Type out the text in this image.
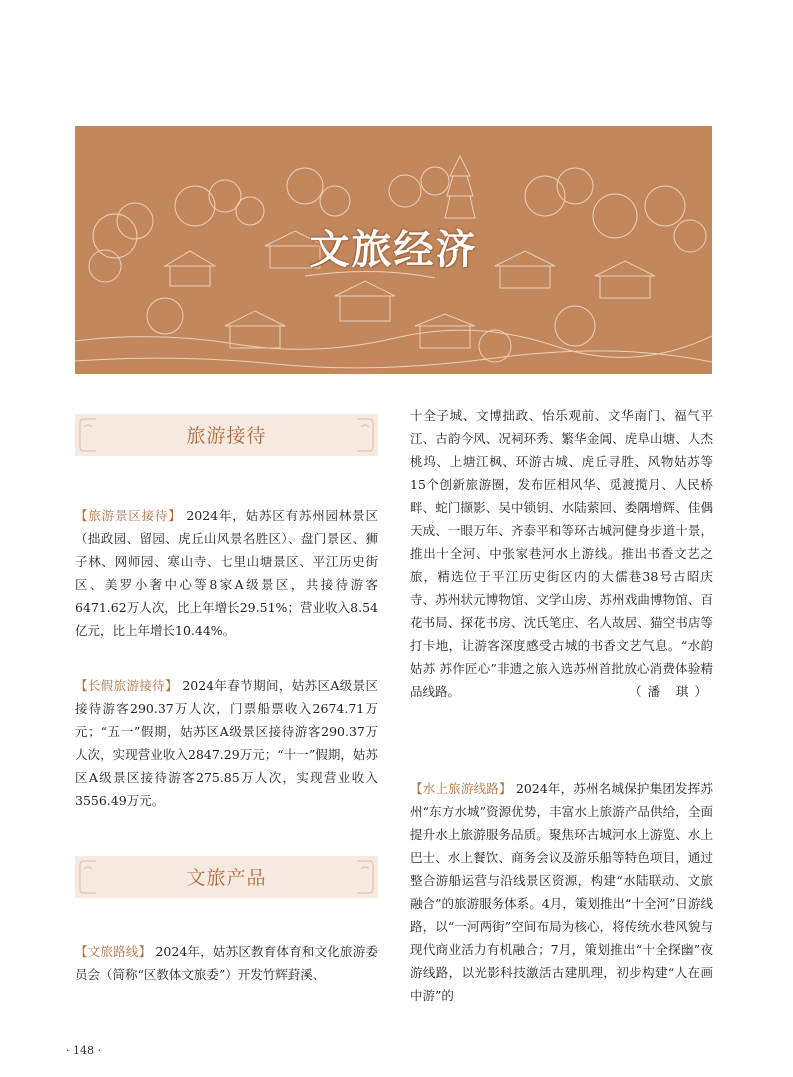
文旅经济
旅游接待

【旅游景区接待】 2024年，姑苏区有苏州园林景区（拙政园、留园、虎丘山风景名胜区）、盘门景区、狮子林、网师园、寒山寺、七里山塘景区、平江历史街区、美罗小奢中心等8家A级景区，共接待游客6471.62万人次，比上年增长29.51%；营业收入8.54亿元，比上年增长10.44%。

【长假旅游接待】 2024年春节期间，姑苏区A级景区接待游客290.37万人次，门票船票收入2674.71万元；“五一”假期，姑苏区A级景区接待游客290.37万人次，实现营业收入2847.29万元；“十一”假期，姑苏区A级景区接待游客275.85万人次，实现营业收入3556.49万元。

文旅产品

【文旅路线】 2024年，姑苏区教育体育和文化旅游委员会（简称“区教体文旅委”）开发竹辉葑溪、

十全子城、文博拙政、怡乐观前、文华南门、福气平江、古韵今风、况祠环秀、繁华金阊、虎阜山塘、人杰桃坞、上塘江枫、环游古城、虎丘寻胜、风物姑苏等15个创新旅游圈，发布匠相风华、觅渡揽月、人民桥畔、蛇门撷影、吴中锁钥、水陆萦回、娄隅增辉、佳偶天成、一眼万年、齐泰平和等环古城河健身步道十景，推出十全河、中张家巷河水上游线。推出书香文艺之旅，精选位于平江历史街区内的大儒巷38号古昭庆寺、苏州状元博物馆、文学山房、苏州戏曲博物馆、百花书局、探花书房、沈氏笔庄、名人故居、猫空书店等打卡地，让游客深度感受古城的书香文艺气息。“水韵姑苏 苏作匠心”非遗之旅入选苏州首批放心消费体验精品线路。	（潘 琪）

【水上旅游线路】 2024年，苏州名城保护集团发挥苏州“东方水城”资源优势，丰富水上旅游产品供给，全面提升水上旅游服务品质。聚焦环古城河水上游览、水上巴士、水上餐饮、商务会议及游乐船等特色项目，通过整合游船运营与沿线景区资源，构建“水陆联动、文旅融合”的旅游服务体系。4月，策划推出“十全河”日游线路，以“一河两街”空间布局为核心，将传统水巷风貌与现代商业活力有机融合；7月，策划推出“十全探幽”夜游线路，以光影科技激活古建肌理，初步构建“人在画中游”的

· 148 ·
